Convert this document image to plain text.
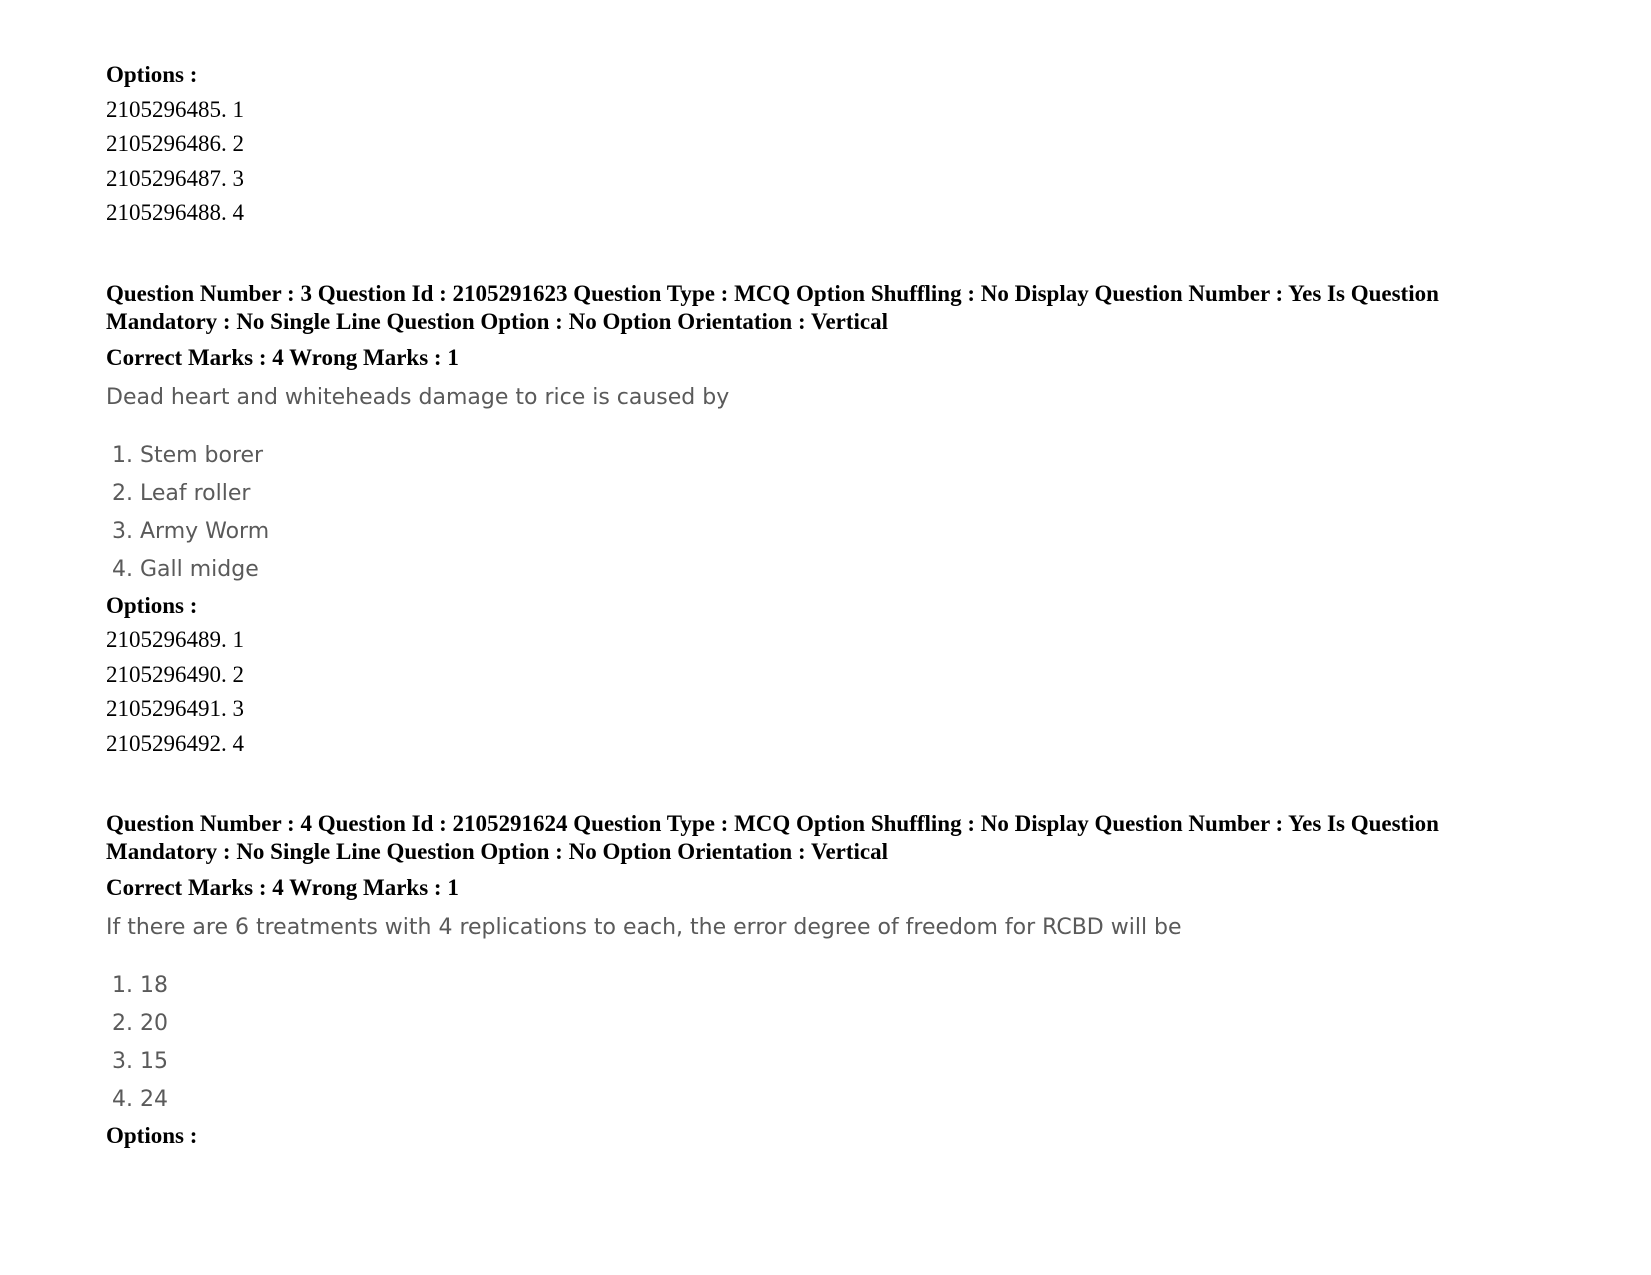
Options :
2105296485. 1
2105296486. 2
2105296487. 3
2105296488. 4
Question Number : 3 Question Id : 2105291623 Question Type : MCQ Option Shuffling : No Display Question Number : Yes Is Question
Mandatory : No Single Line Question Option : No Option Orientation : Vertical
Correct Marks : 4 Wrong Marks : 1
Dead heart and whiteheads damage to rice is caused by
1. Stem borer
2. Leaf roller
3. Army Worm
4. Gall midge
Options :
2105296489. 1
2105296490. 2
2105296491. 3
2105296492. 4
Question Number : 4 Question Id : 2105291624 Question Type : MCQ Option Shuffling : No Display Question Number : Yes Is Question
Mandatory : No Single Line Question Option : No Option Orientation : Vertical
Correct Marks : 4 Wrong Marks : 1
If there are 6 treatments with 4 replications to each, the error degree of freedom for RCBD will be
1. 18
2. 20
3. 15
4. 24
Options :
